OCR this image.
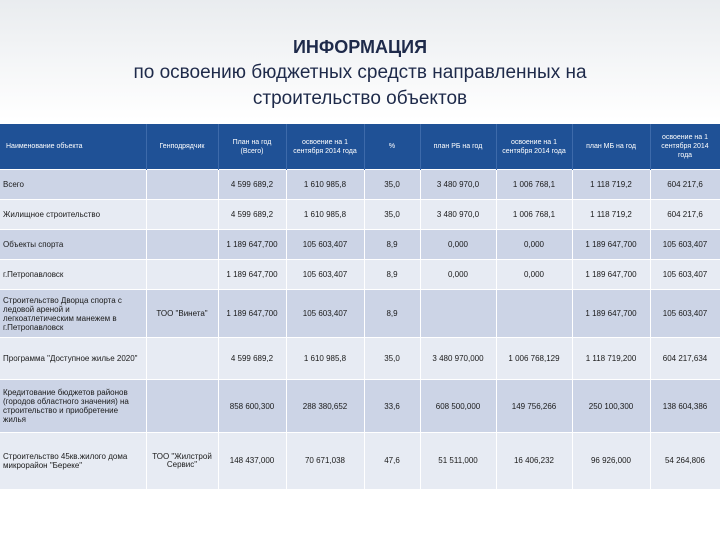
ИНФОРМАЦИЯ
по освоению бюджетных средств направленных на
строительство объектов
Наименование объекта	Генподрядчик	План на год (Всего)	освоение на 1 сентября 2014 года	%	план РБ на год	освоение на 1 сентября 2014 года	план МБ на год	освоение на 1 сентября 2014 года
Всего		4 599 689,2	1 610 985,8	35,0	3 480 970,0	1 006 768,1	1 118 719,2	604 217,6
Жилищное строительство		4 599 689,2	1 610 985,8	35,0	3 480 970,0	1 006 768,1	1 118 719,2	604 217,6
Объекты спорта		1 189 647,700	105 603,407	8,9	0,000	0,000	1 189 647,700	105 603,407
г.Петропавловск		1 189 647,700	105 603,407	8,9	0,000	0,000	1 189 647,700	105 603,407
Строительство Дворца спорта с ледовой ареной и легкоатлетическим манежем в г.Петропавловск	ТОО "Винета"	1 189 647,700	105 603,407	8,9			1 189 647,700	105 603,407
Программа "Доступное жилье 2020"		4 599 689,2	1 610 985,8	35,0	3 480 970,000	1 006 768,129	1 118 719,200	604 217,634
Кредитование бюджетов районов (городов областного значения) на строительство и приобретение жилья		858 600,300	288 380,652	33,6	608 500,000	149 756,266	250 100,300	138 604,386
Строительство 45кв.жилого дома микрорайон "Береке"	ТОО "Жилстрой Сервис"	148 437,000	70 671,038	47,6	51 511,000	16 406,232	96 926,000	54 264,806
